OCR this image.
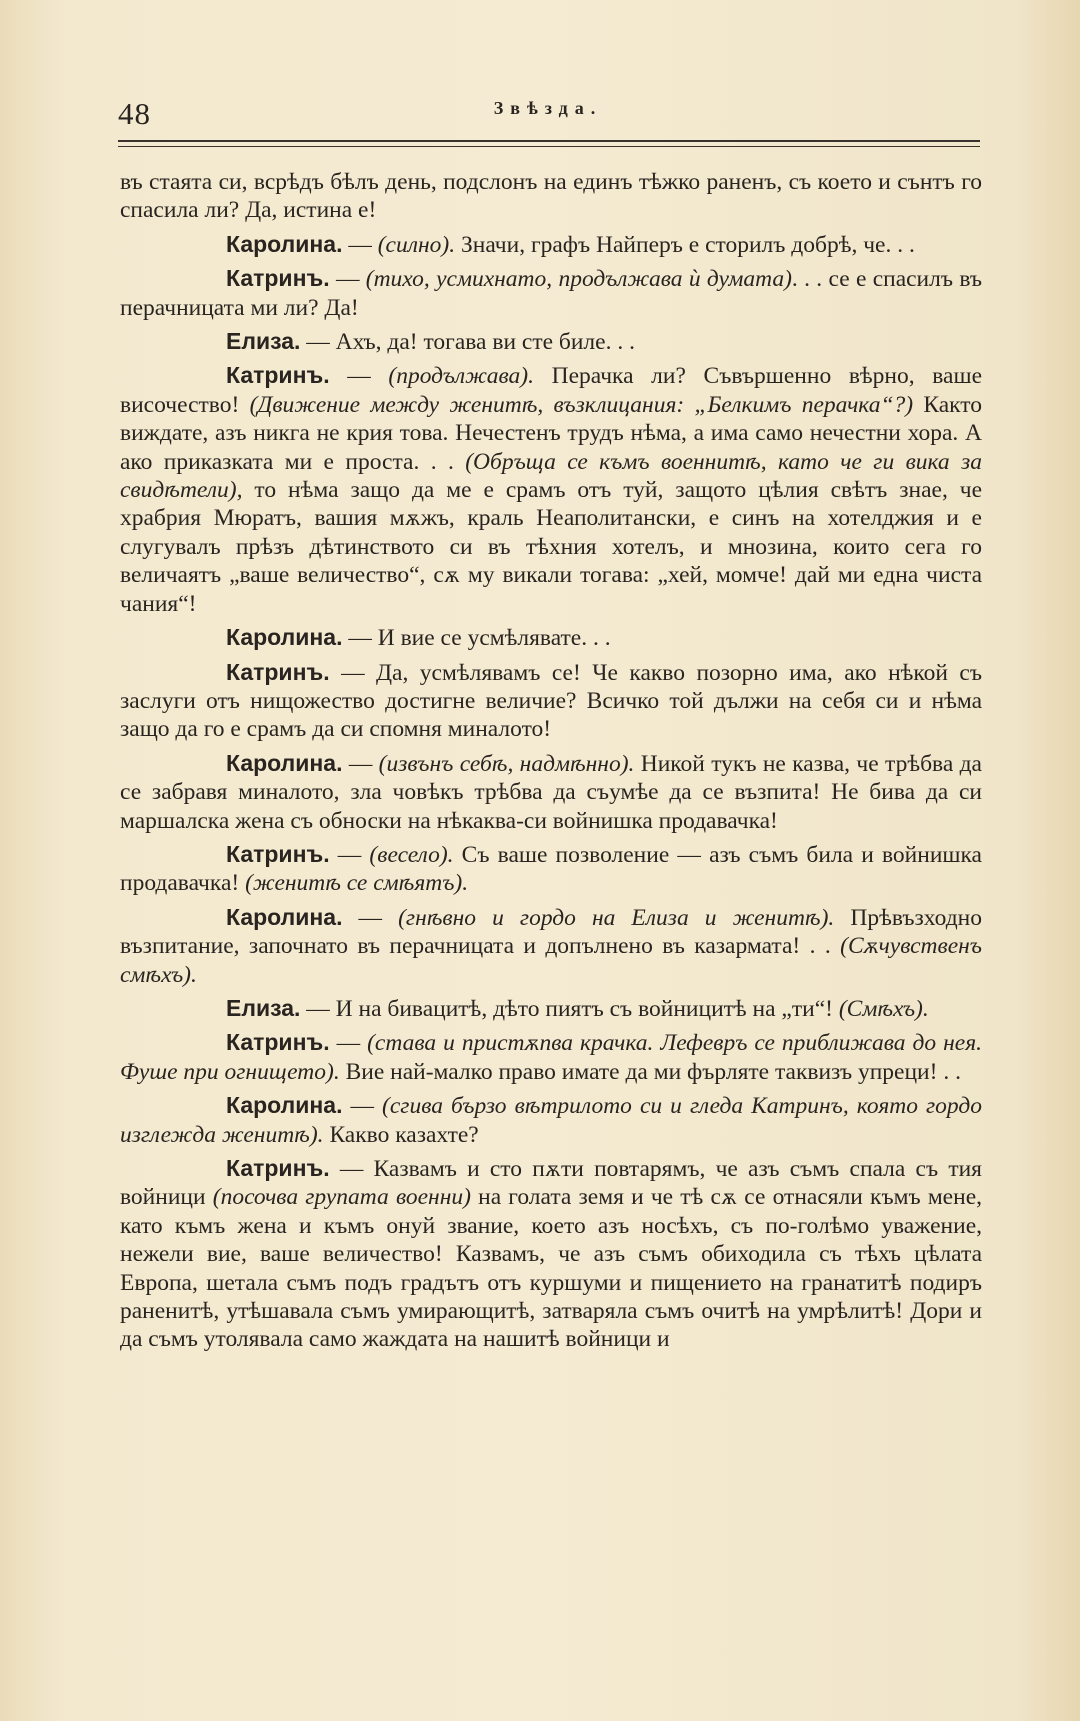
48	Звѣзда.

въ стаята си, всрѣдъ бѣлъ день, подслонъ на единъ тѣжко раненъ, съ което и сънтъ го спасила ли? Да, истина е!

Каролина. — (силно). Значи, графъ Найперъ е сторилъ добрѣ, че. . .

Катринъ. — (тихо, усмихнато, продължава ѝ думата). . . се е спасилъ въ перачницата ми ли? Да!

Елиза. — Ахъ, да! тогава ви сте биле. . .

Катринъ. — (продължава). Перачка ли? Съвършенно вѣрно, ваше височество! (Движение между женитѣ, възклицания: „Белкимъ перачка“?) Както виждате, азъ никга не крия това. Нечестенъ трудъ нѣма, а има само нечестни хора. А ако приказката ми е проста. . . (Обръща се къмъ военнитѣ, като че ги вика за свидѣтели), то нѣма защо да ме е срамъ отъ туй, защото цѣлия свѣтъ знае, че храбрия Мюратъ, вашия мѫжъ, краль Неаполитански, е синъ на хотелджия и е слугувалъ прѣзъ дѣтинството си въ тѣхния хотелъ, и мнозина, които сега го величаятъ „ваше величество“, сѫ му викали тогава: „хей, момче! дай ми една чиста чания“!

Каролина. — И вие се усмѣлявате. . .

Катринъ. — Да, усмѣлявамъ се! Че какво позорно има, ако нѣкой съ заслуги отъ нищожество достигне величие? Всичко той дължи на себя си и нѣма защо да го е срамъ да си спомня миналото!

Каролина. — (извънъ себѣ, надмѣнно). Никой тукъ не казва, че трѣбва да се забравя миналото, зла човѣкъ трѣбва да съумѣе да се възпита! Не бива да си маршалска жена съ обноски на нѣкаква-си войнишка продавачка!

Катринъ. — (весело). Съ ваше позволение — азъ съмъ била и войнишка продавачка! (женитѣ се смѣятъ).

Каролина. — (гнѣвно и гордо на Елиза и женитѣ). Прѣвъзходно възпитание, започнато въ перачницата и допълнено въ казармата! . . (Сѫчувственъ смѣхъ).

Елиза. — И на бивацитѣ, дѣто пиятъ съ войницитѣ на „ти“! (Смѣхъ).

Катринъ. — (става и пристѫпва крачка. Лефевръ се приближава до нея. Фуше при огнището). Вие най-малко право имате да ми фърляте таквизъ упреци! . .

Каролина. — (сгива бързо вѣтрилото си и гледа Катринъ, която гордо изглежда женитѣ). Какво казахте?

Катринъ. — Казвамъ и сто пѫти повтарямъ, че азъ съмъ спала съ тия войници (посочва групата военни) на голата земя и че тѣ сѫ се отнасяли къмъ мене, като къмъ жена и къмъ онуй звание, което азъ носѣхъ, съ по-голѣмо уважение, нежели вие, ваше величество! Казвамъ, че азъ съмъ обиходила съ тѣхъ цѣлата Европа, шетала съмъ подъ градътъ отъ куршуми и пищението на гранатитѣ подиръ раненитѣ, утѣшавала съмъ умирающитѣ, затваряла съмъ очитѣ на умрѣлитѣ! Дори и да съмъ утолявала само жаждата на нашитѣ войници и
